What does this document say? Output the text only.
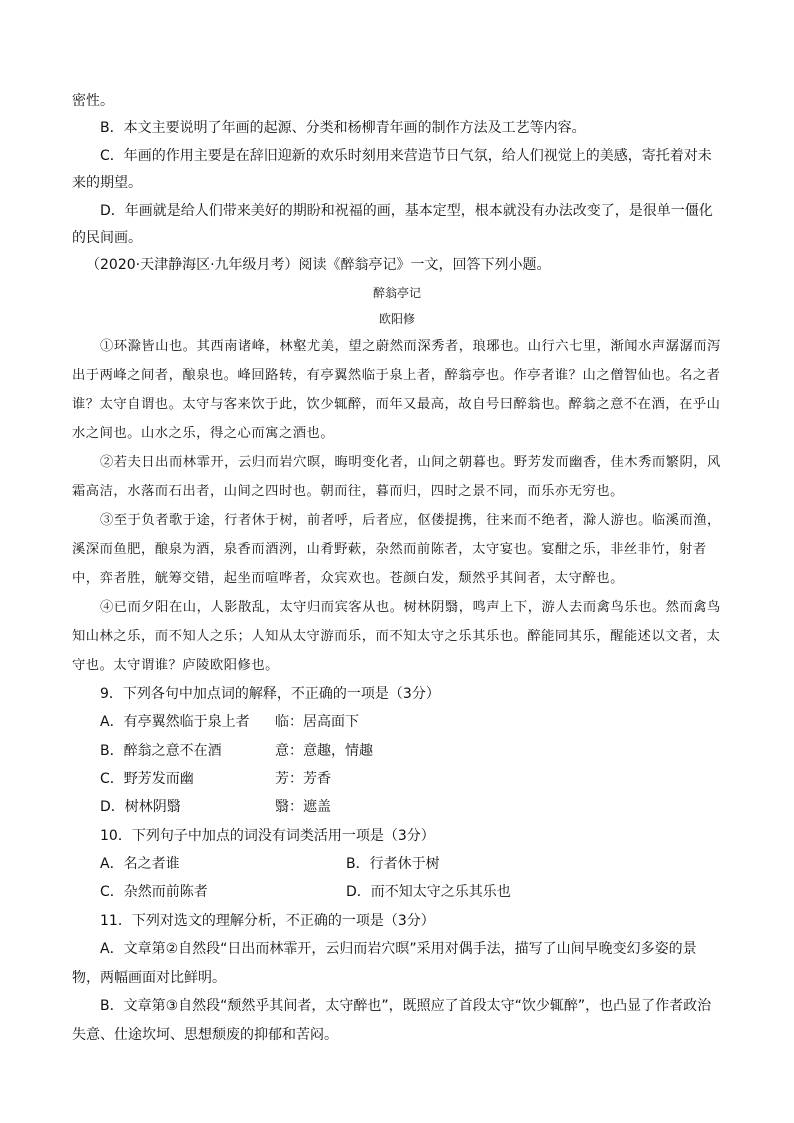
密性。

B．本文主要说明了年画的起源、分类和杨柳青年画的制作方法及工艺等内容。

C．年画的作用主要是在辞旧迎新的欢乐时刻用来营造节日气氛，给人们视觉上的美感，寄托着对未来的期望。

D．年画就是给人们带来美好的期盼和祝福的画，基本定型，根本就没有办法改变了，是很单一僵化的民间画。

（2020·天津静海区·九年级月考）阅读《醉翁亭记》一文，回答下列小题。

醉翁亭记

欧阳修

①环滁皆山也。其西南诸峰，林壑尤美，望之蔚然而深秀者，琅琊也。山行六七里，渐闻水声潺潺而泻出于两峰之间者，酿泉也。峰回路转，有亭翼然临于泉上者，醉翁亭也。作亭者谁？山之僧智仙也。名之者谁？太守自谓也。太守与客来饮于此，饮少辄醉，而年又最高，故自号曰醉翁也。醉翁之意不在酒，在乎山水之间也。山水之乐，得之心而寓之酒也。

②若夫日出而林霏开，云归而岩穴暝，晦明变化者，山间之朝暮也。野芳发而幽香，佳木秀而繁阴，风霜高洁，水落而石出者，山间之四时也。朝而往，暮而归，四时之景不同，而乐亦无穷也。

③至于负者歌于途，行者休于树，前者呼，后者应，伛偻提携，往来而不绝者，滁人游也。临溪而渔，溪深而鱼肥，酿泉为酒，泉香而酒洌，山肴野蔌，杂然而前陈者，太守宴也。宴酣之乐，非丝非竹，射者中，弈者胜，觥筹交错，起坐而喧哗者，众宾欢也。苍颜白发，颓然乎其间者，太守醉也。

④已而夕阳在山，人影散乱，太守归而宾客从也。树林阴翳，鸣声上下，游人去而禽鸟乐也。然而禽鸟知山林之乐，而不知人之乐；人知从太守游而乐，而不知太守之乐其乐也。醉能同其乐，醒能述以文者，太守也。太守谓谁？庐陵欧阳修也。

9．下列各句中加点词的解释，不正确的一项是（3分）

A．有亭翼然临于泉上者	临：居高面下
B．醉翁之意不在酒	意：意趣，情趣
C．野芳发而幽	芳：芳香
D．树林阴翳	翳：遮盖

10．下列句子中加点的词没有词类活用一项是（3分）

A．名之者谁	B．行者休于树
C．杂然而前陈者	D．而不知太守之乐其乐也

11．下列对选文的理解分析，不正确的一项是（3分）

A．文章第②自然段“日出而林霏开，云归而岩穴暝”采用对偶手法，描写了山间早晚变幻多姿的景物，两幅画面对比鲜明。

B．文章第③自然段“颓然乎其间者，太守醉也”，既照应了首段太守“饮少辄醉”，也凸显了作者政治失意、仕途坎坷、思想颓废的抑郁和苦闷。
